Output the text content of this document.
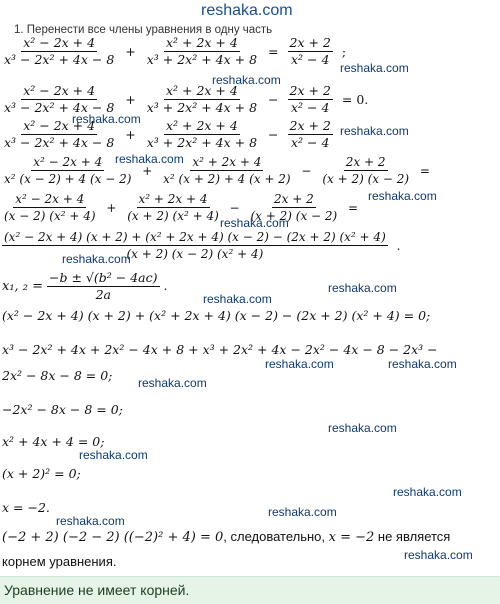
reshaka.com
1. Перенести все члены уравнения в одну часть
$\frac{\text{x² − 2x + 4}}{\text{x³ − 2x² + 4x − 8}} + \frac{\text{x² + 2x + 4}}{\text{x³ + 2x² + 4x + 8}} = \frac{2x + 2}{\text{x² − 4}}$ ;
$\frac{\text{x² − 2x + 4}}{\text{x³ − 2x² + 4x − 8}} + \frac{\text{x² + 2x + 4}}{\text{x³ + 2x² + 4x + 8}} - \frac{2x + 2}{\text{x² − 4}} = 0$.
$\frac{\text{x² − 2x + 4}}{\text{x³ − 2x² + 4x − 8}} + \frac{\text{x² + 2x + 4}}{\text{x³ + 2x² + 4x + 8}} - \frac{2x + 2}{\text{x² − 4}}$
$\frac{\text{x² − 2x + 4}}{\text{x² (x − 2) + 4 (x − 2)}} + \frac{\text{x² + 2x + 4}}{\text{x² (x + 2) + 4 (x + 2)}} - \frac{2x + 2}{(x + 2) (x - 2)}$ =
$\frac{\text{x² − 2x + 4}}{\text{(x − 2) (x² + 4)}} + \frac{\text{x² + 2x + 4}}{\text{(x + 2) (x² + 4)}} - \frac{2x + 2}{(x + 2) (x - 2)}$ =
(x² − 2x + 4) (x + 2) + (x² + 2x + 4) (x − 2) − (2x + 2) (x² + 4)
(x + 2) (x − 2) (x² + 4)
.
x₁, $_2 = \frac{\text{−b ± √(b² − 4ac)}}{2a}$ .
(x² − 2x + 4) (x + 2) + (x² + 2x + 4) (x − 2) − (2x + 2) (x² + 4) = 0;
x³ − 2x² + 4x + 2x² − 4x + 8 + x³ + 2x² + 4x − 2x² − 4x − 8 − 2x³ −
2x² − 8x − 8 = 0;
−2x² − 8x − 8 = 0;
x² + 4x + 4 = 0;
(x + 2)² = 0;
x = −2.
(−2 + 2) (−2 − 2) ((−2)² + 4) = 0, следовательно, x = −2 не является
корнем уравнения.
reshaka.com
reshaka.com
reshaka.com
reshaka.com
reshaka.com
reshaka.com
reshaka.com
reshaka.com
reshaka.com
reshaka.com
reshaka.com	reshaka.com
reshaka.com
reshaka.com
reshaka.com
reshaka.com
reshaka.com
reshaka.com
reshaka.com
Уравнение не имеет корней.
